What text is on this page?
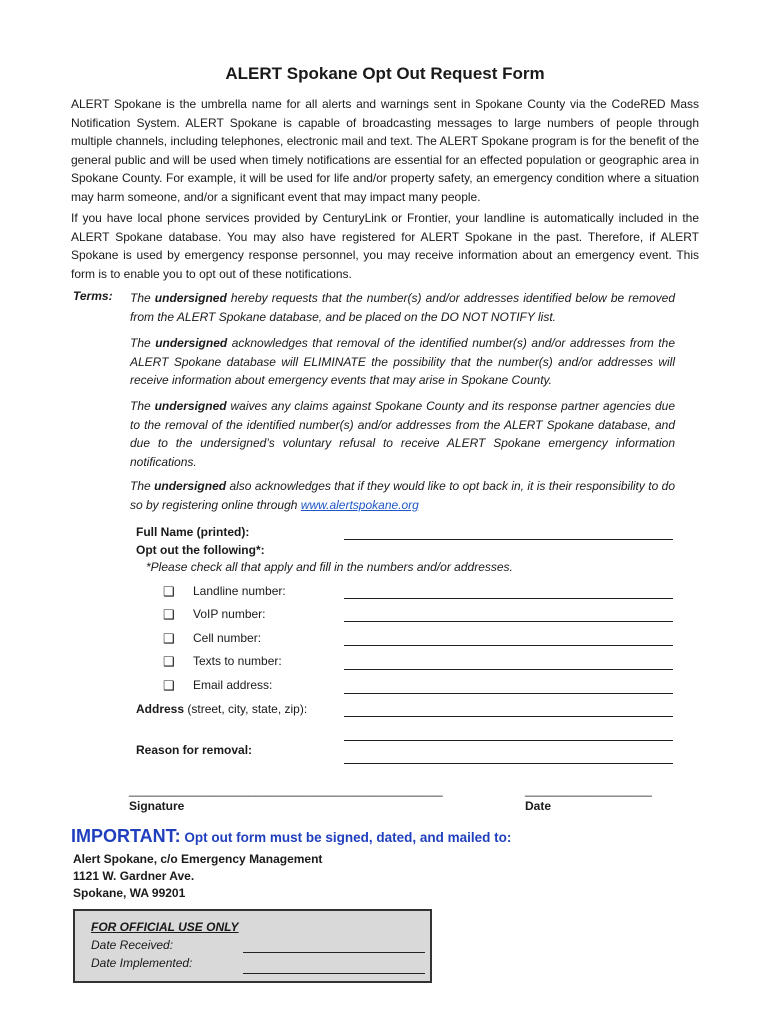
ALERT Spokane Opt Out Request Form
ALERT Spokane is the umbrella name for all alerts and warnings sent in Spokane County via the CodeRED Mass Notification System. ALERT Spokane is capable of broadcasting messages to large numbers of people through multiple channels, including telephones, electronic mail and text. The ALERT Spokane program is for the benefit of the general public and will be used when timely notifications are essential for an effected population or geographic area in Spokane County. For example, it will be used for life and/or property safety, an emergency condition where a situation may harm someone, and/or a significant event that may impact many people.
If you have local phone services provided by CenturyLink or Frontier, your landline is automatically included in the ALERT Spokane database. You may also have registered for ALERT Spokane in the past. Therefore, if ALERT Spokane is used by emergency response personnel, you may receive information about an emergency event. This form is to enable you to opt out of these notifications.
Terms: The undersigned hereby requests that the number(s) and/or addresses identified below be removed from the ALERT Spokane database, and be placed on the DO NOT NOTIFY list.
The undersigned acknowledges that removal of the identified number(s) and/or addresses from the ALERT Spokane database will ELIMINATE the possibility that the number(s) and/or addresses will receive information about emergency events that may arise in Spokane County.
The undersigned waives any claims against Spokane County and its response partner agencies due to the removal of the identified number(s) and/or addresses from the ALERT Spokane database, and due to the undersigned’s voluntary refusal to receive ALERT Spokane emergency information notifications.
The undersigned also acknowledges that if they would like to opt back in, it is their responsibility to do so by registering online through www.alertspokane.org
Full Name (printed):
Opt out the following*:
*Please check all that apply and fill in the numbers and/or addresses.
❑ Landline number:
❑ VoIP number:
❑ Cell number:
❑ Texts to number:
❑ Email address:
Address (street, city, state, zip):
Reason for removal:
_______________________________________________	___________________
Signature	Date
IMPORTANT: Opt out form must be signed, dated, and mailed to:
Alert Spokane, c/o Emergency Management
1121 W. Gardner Ave.
Spokane, WA 99201
FOR OFFICIAL USE ONLY
Date Received:
Date Implemented:
